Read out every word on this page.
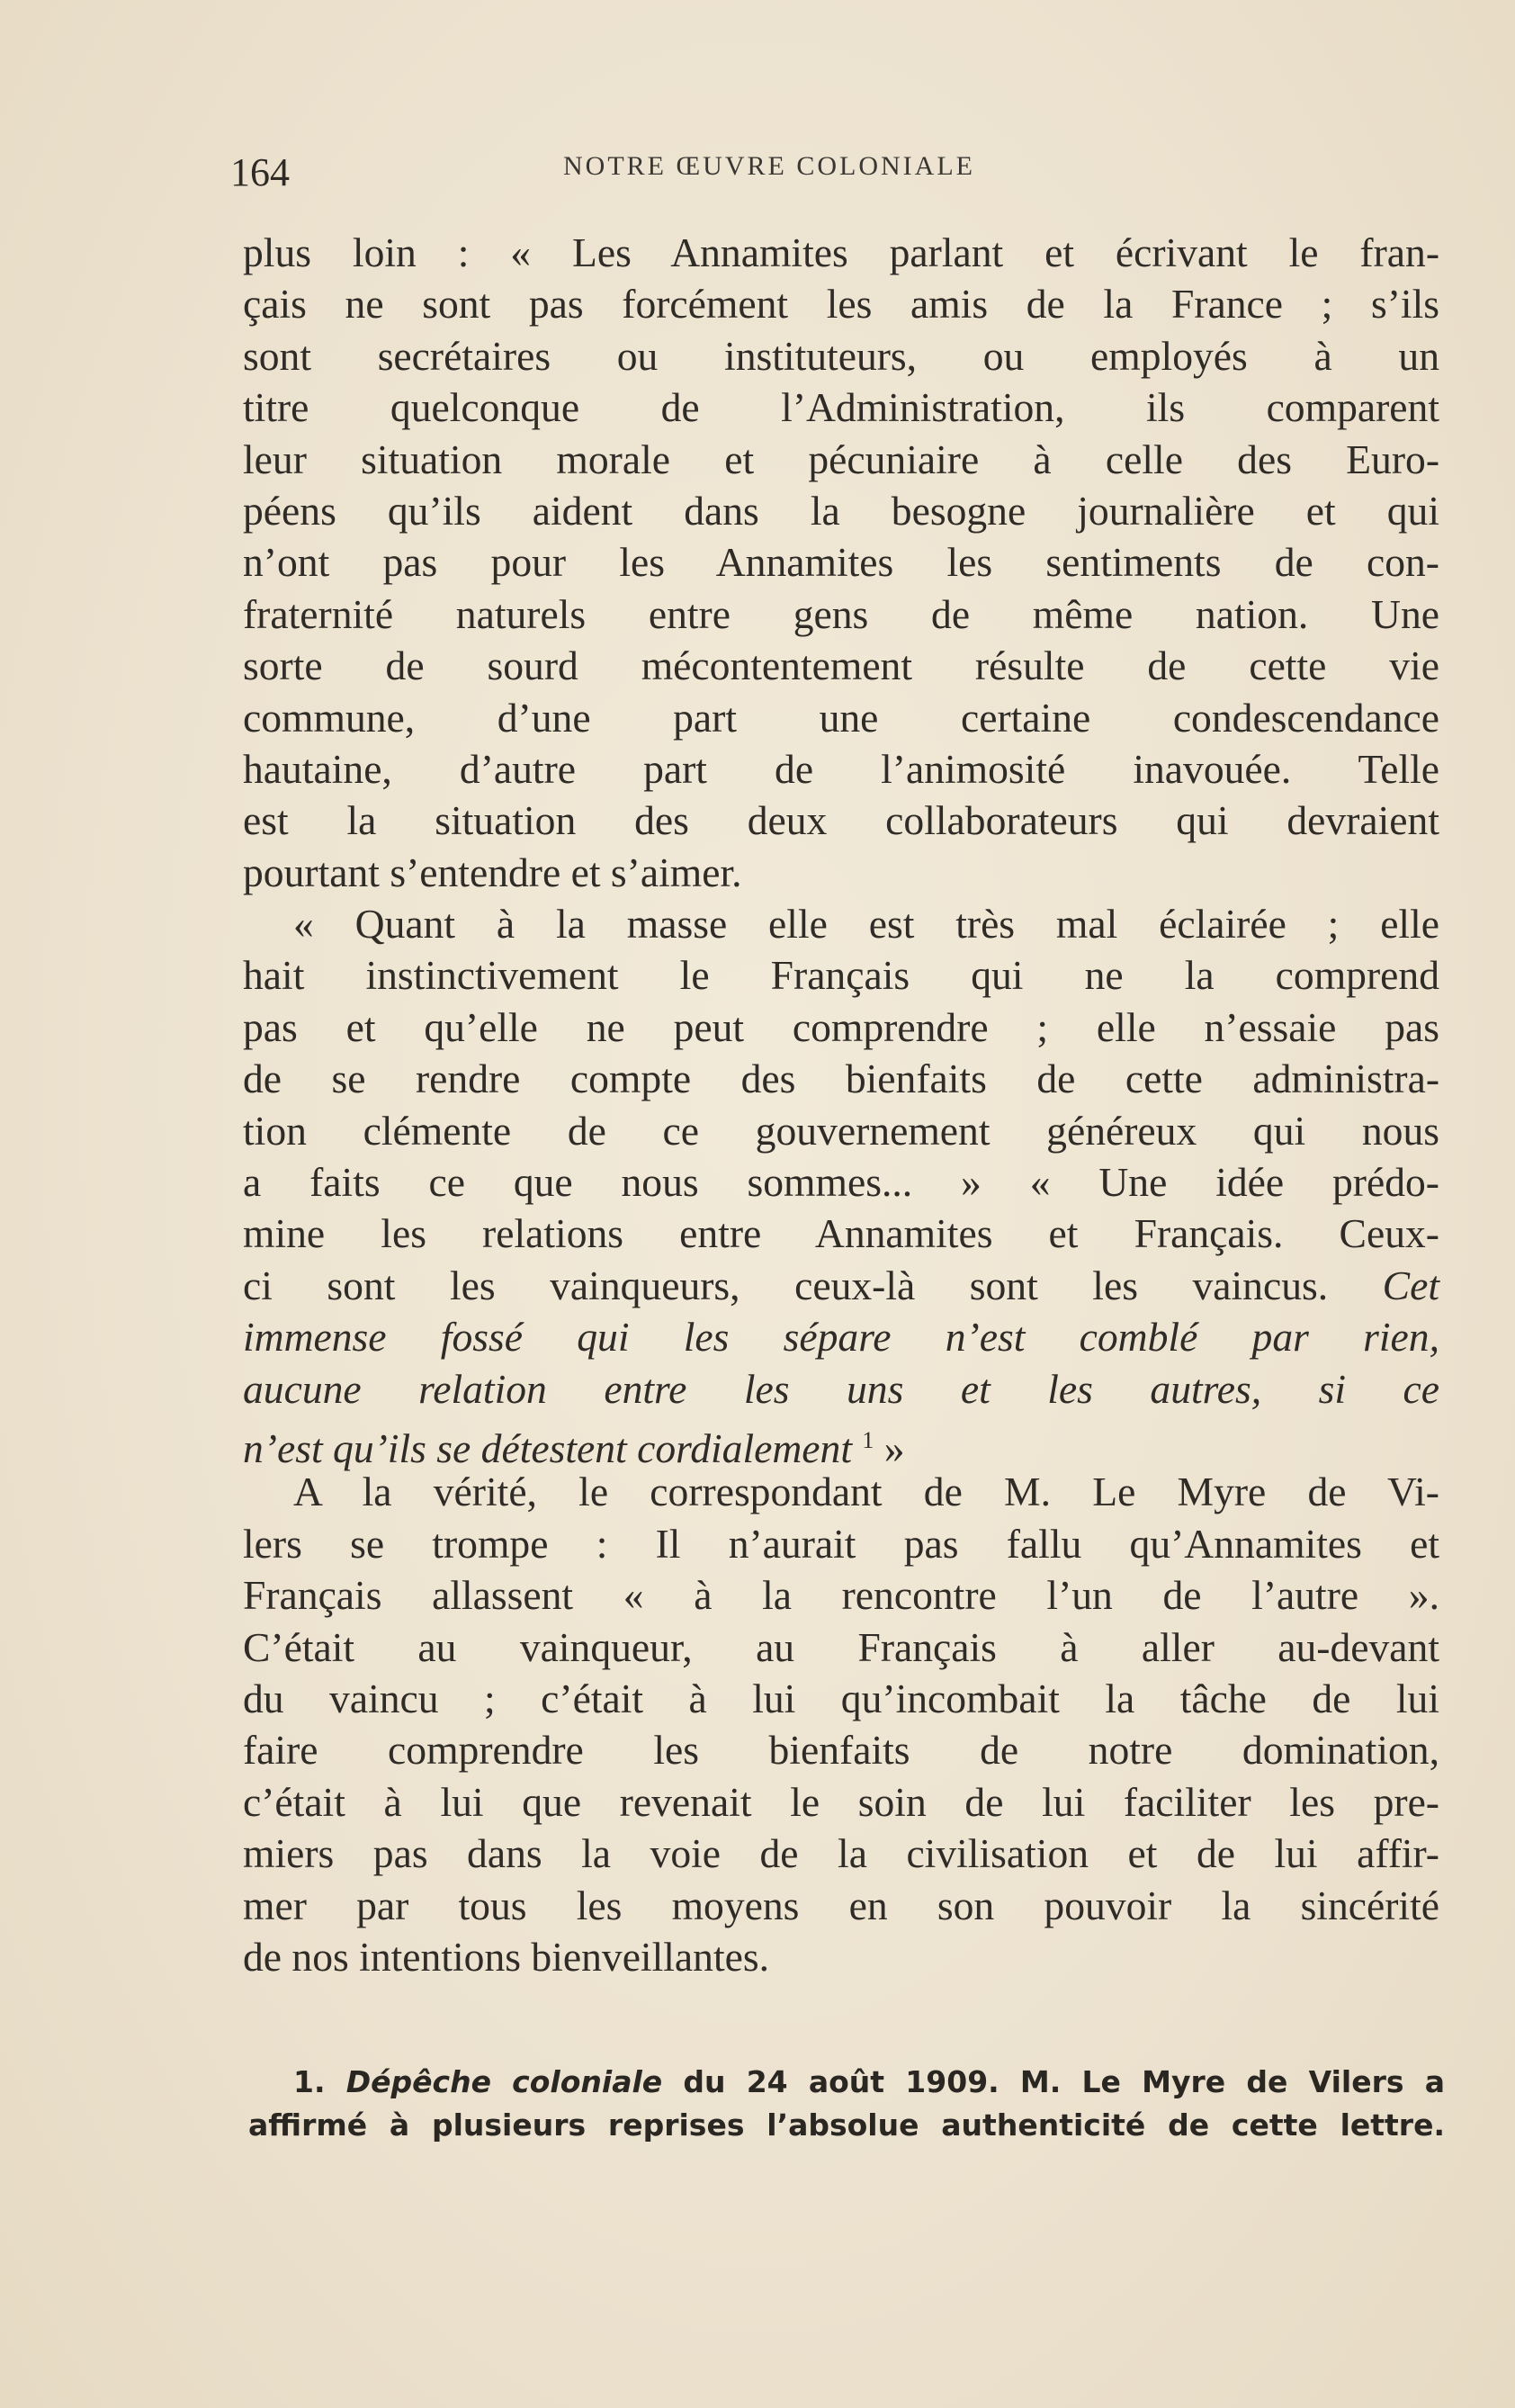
164	NOTRE ŒUVRE COLONIALE
plus loin : « Les Annamites parlant et écrivant le fran-
çais ne sont pas forcément les amis de la France ; s’ils
sont secrétaires ou instituteurs, ou employés à un
titre quelconque de l’Administration, ils comparent
leur situation morale et pécuniaire à celle des Euro-
péens qu’ils aident dans la besogne journalière et qui
n’ont pas pour les Annamites les sentiments de con-
fraternité naturels entre gens de même nation. Une
sorte de sourd mécontentement résulte de cette vie
commune, d’une part une certaine condescendance
hautaine, d’autre part de l’animosité inavouée. Telle
est la situation des deux collaborateurs qui devraient
pourtant s’entendre et s’aimer.
« Quant à la masse elle est très mal éclairée ; elle
hait instinctivement le Français qui ne la comprend
pas et qu’elle ne peut comprendre ; elle n’essaie pas
de se rendre compte des bienfaits de cette administra-
tion clémente de ce gouvernement généreux qui nous
a faits ce que nous sommes... » « Une idée prédo-
mine les relations entre Annamites et Français. Ceux-
ci sont les vainqueurs, ceux-là sont les vaincus. Cet
immense fossé qui les sépare n’est comblé par rien,
aucune relation entre les uns et les autres, si ce
n’est qu’ils se détestent cordialement $^1$ »
A la vérité, le correspondant de M. Le Myre de Vi-
lers se trompe : Il n’aurait pas fallu qu’Annamites et
Français allassent « à la rencontre l’un de l’autre ».
C’était au vainqueur, au Français à aller au-devant
du vaincu ; c’était à lui qu’incombait la tâche de lui
faire comprendre les bienfaits de notre domination,
c’était à lui que revenait le soin de lui faciliter les pre-
miers pas dans la voie de la civilisation et de lui affir-
mer par tous les moyens en son pouvoir la sincérité
de nos intentions bienveillantes.
1. Dépêche coloniale du 24 août 1909. M. Le Myre de Vilers a
affirmé à plusieurs reprises l’absolue authenticité de cette lettre.
